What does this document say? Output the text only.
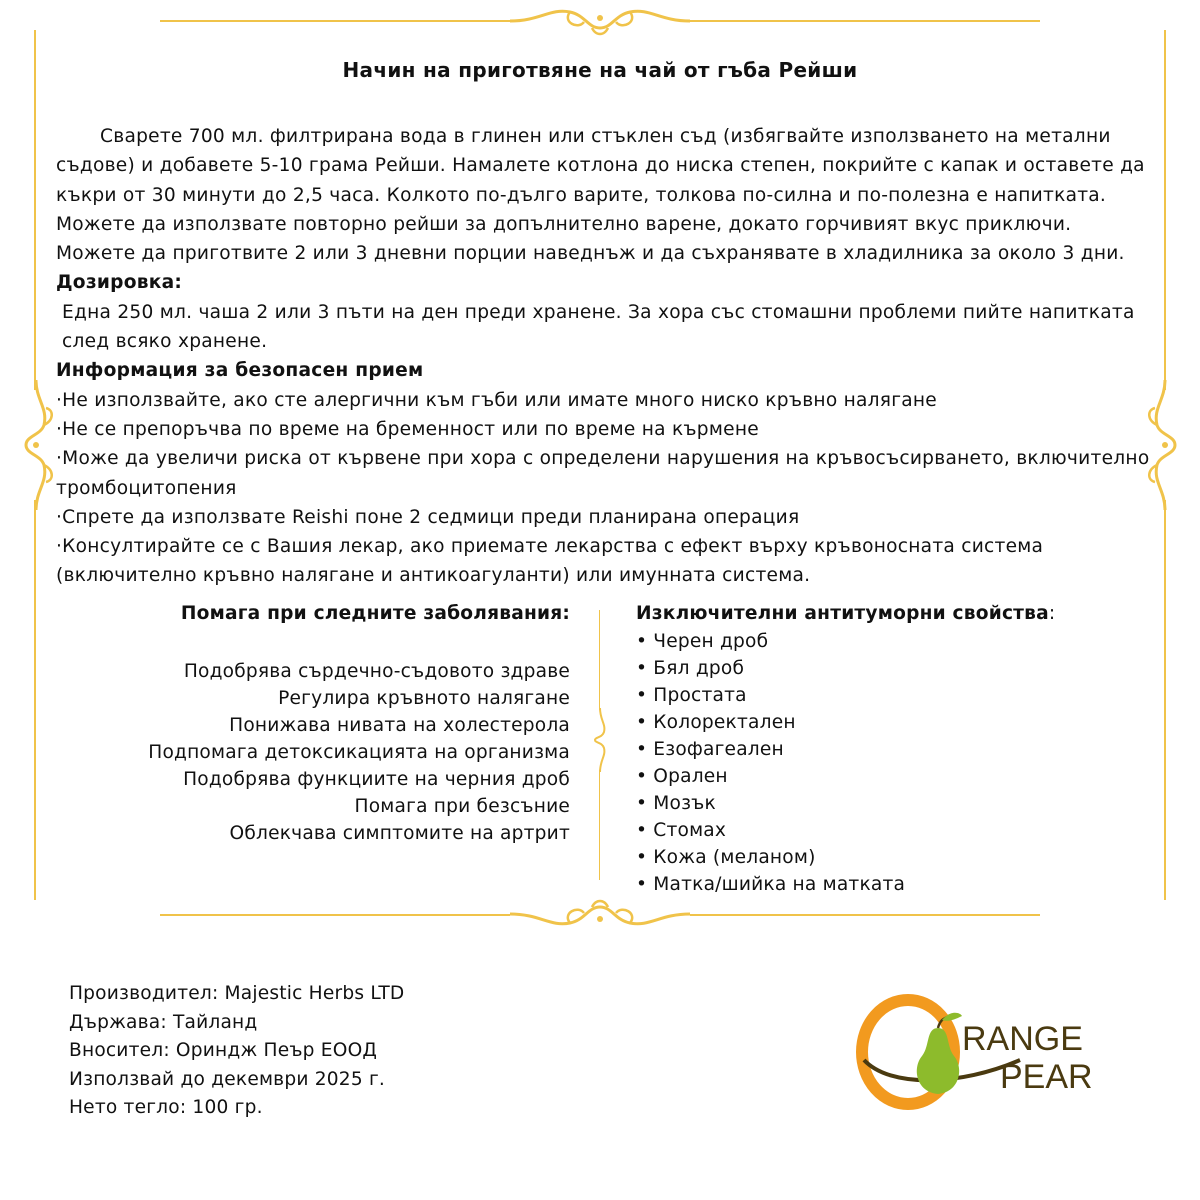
Начин на приготвяне на чай от гъба Рейши

Сварете 700 мл. филтрирана вода в глинен или стъклен съд (избягвайте използването на метални съдове) и добавете 5-10 грама Рейши. Намалете котлона до ниска степен, покрийте с капак и оставете да къкри от 30 минути до 2,5 часа. Колкото по-дълго варите, толкова по-силна и по-полезна е напитката. Можете да използвате повторно рейши за допълнително варене, докато горчивият вкус приключи. Можете да приготвите 2 или 3 дневни порции наведнъж и да съхранявате в хладилника за около 3 дни.

Дозировка:

Една 250 мл. чаша 2 или 3 пъти на ден преди хранене. За хора със стомашни проблеми пийте напитката след всяко хранене.

Информация за безопасен прием

·Не използвайте, ако сте алергични към гъби или имате много ниско кръвно налягане

·Не се препоръчва по време на бременност или по време на кърмене

·Може да увеличи риска от кървене при хора с определени нарушения на кръвосъсирването, включително тромбоцитопения

·Спрете да използвате Reishi поне 2 седмици преди планирана операция

·Консултирайте се с Вашия лекар, ако приемате лекарства с ефект върху кръвоносната система (включително кръвно налягане и антикоагуланти) или имунната система.

Помага при следните заболявания:
Подобрява сърдечно-съдовото здраве
Регулира кръвното налягане
Понижава нивата на холестерола
Подпомага детоксикацията на организма
Подобрява функциите на черния дроб
Помага при безсъние
Облекчава симптомите на артрит
Изключителни антитуморни свойства:
• Черен дроб
• Бял дроб
• Простата
• Колоректален
• Езофагеален
• Орален
• Мозък
• Стомах
• Кожа (меланом)
• Матка/шийка на матката
Производител: Majestic Herbs LTD
Държава: Тайланд
Вносител: Ориндж Пеър ЕООД
Използвай до декември 2025 г.
Нето тегло: 100 гр.
RANGE
PEAR
